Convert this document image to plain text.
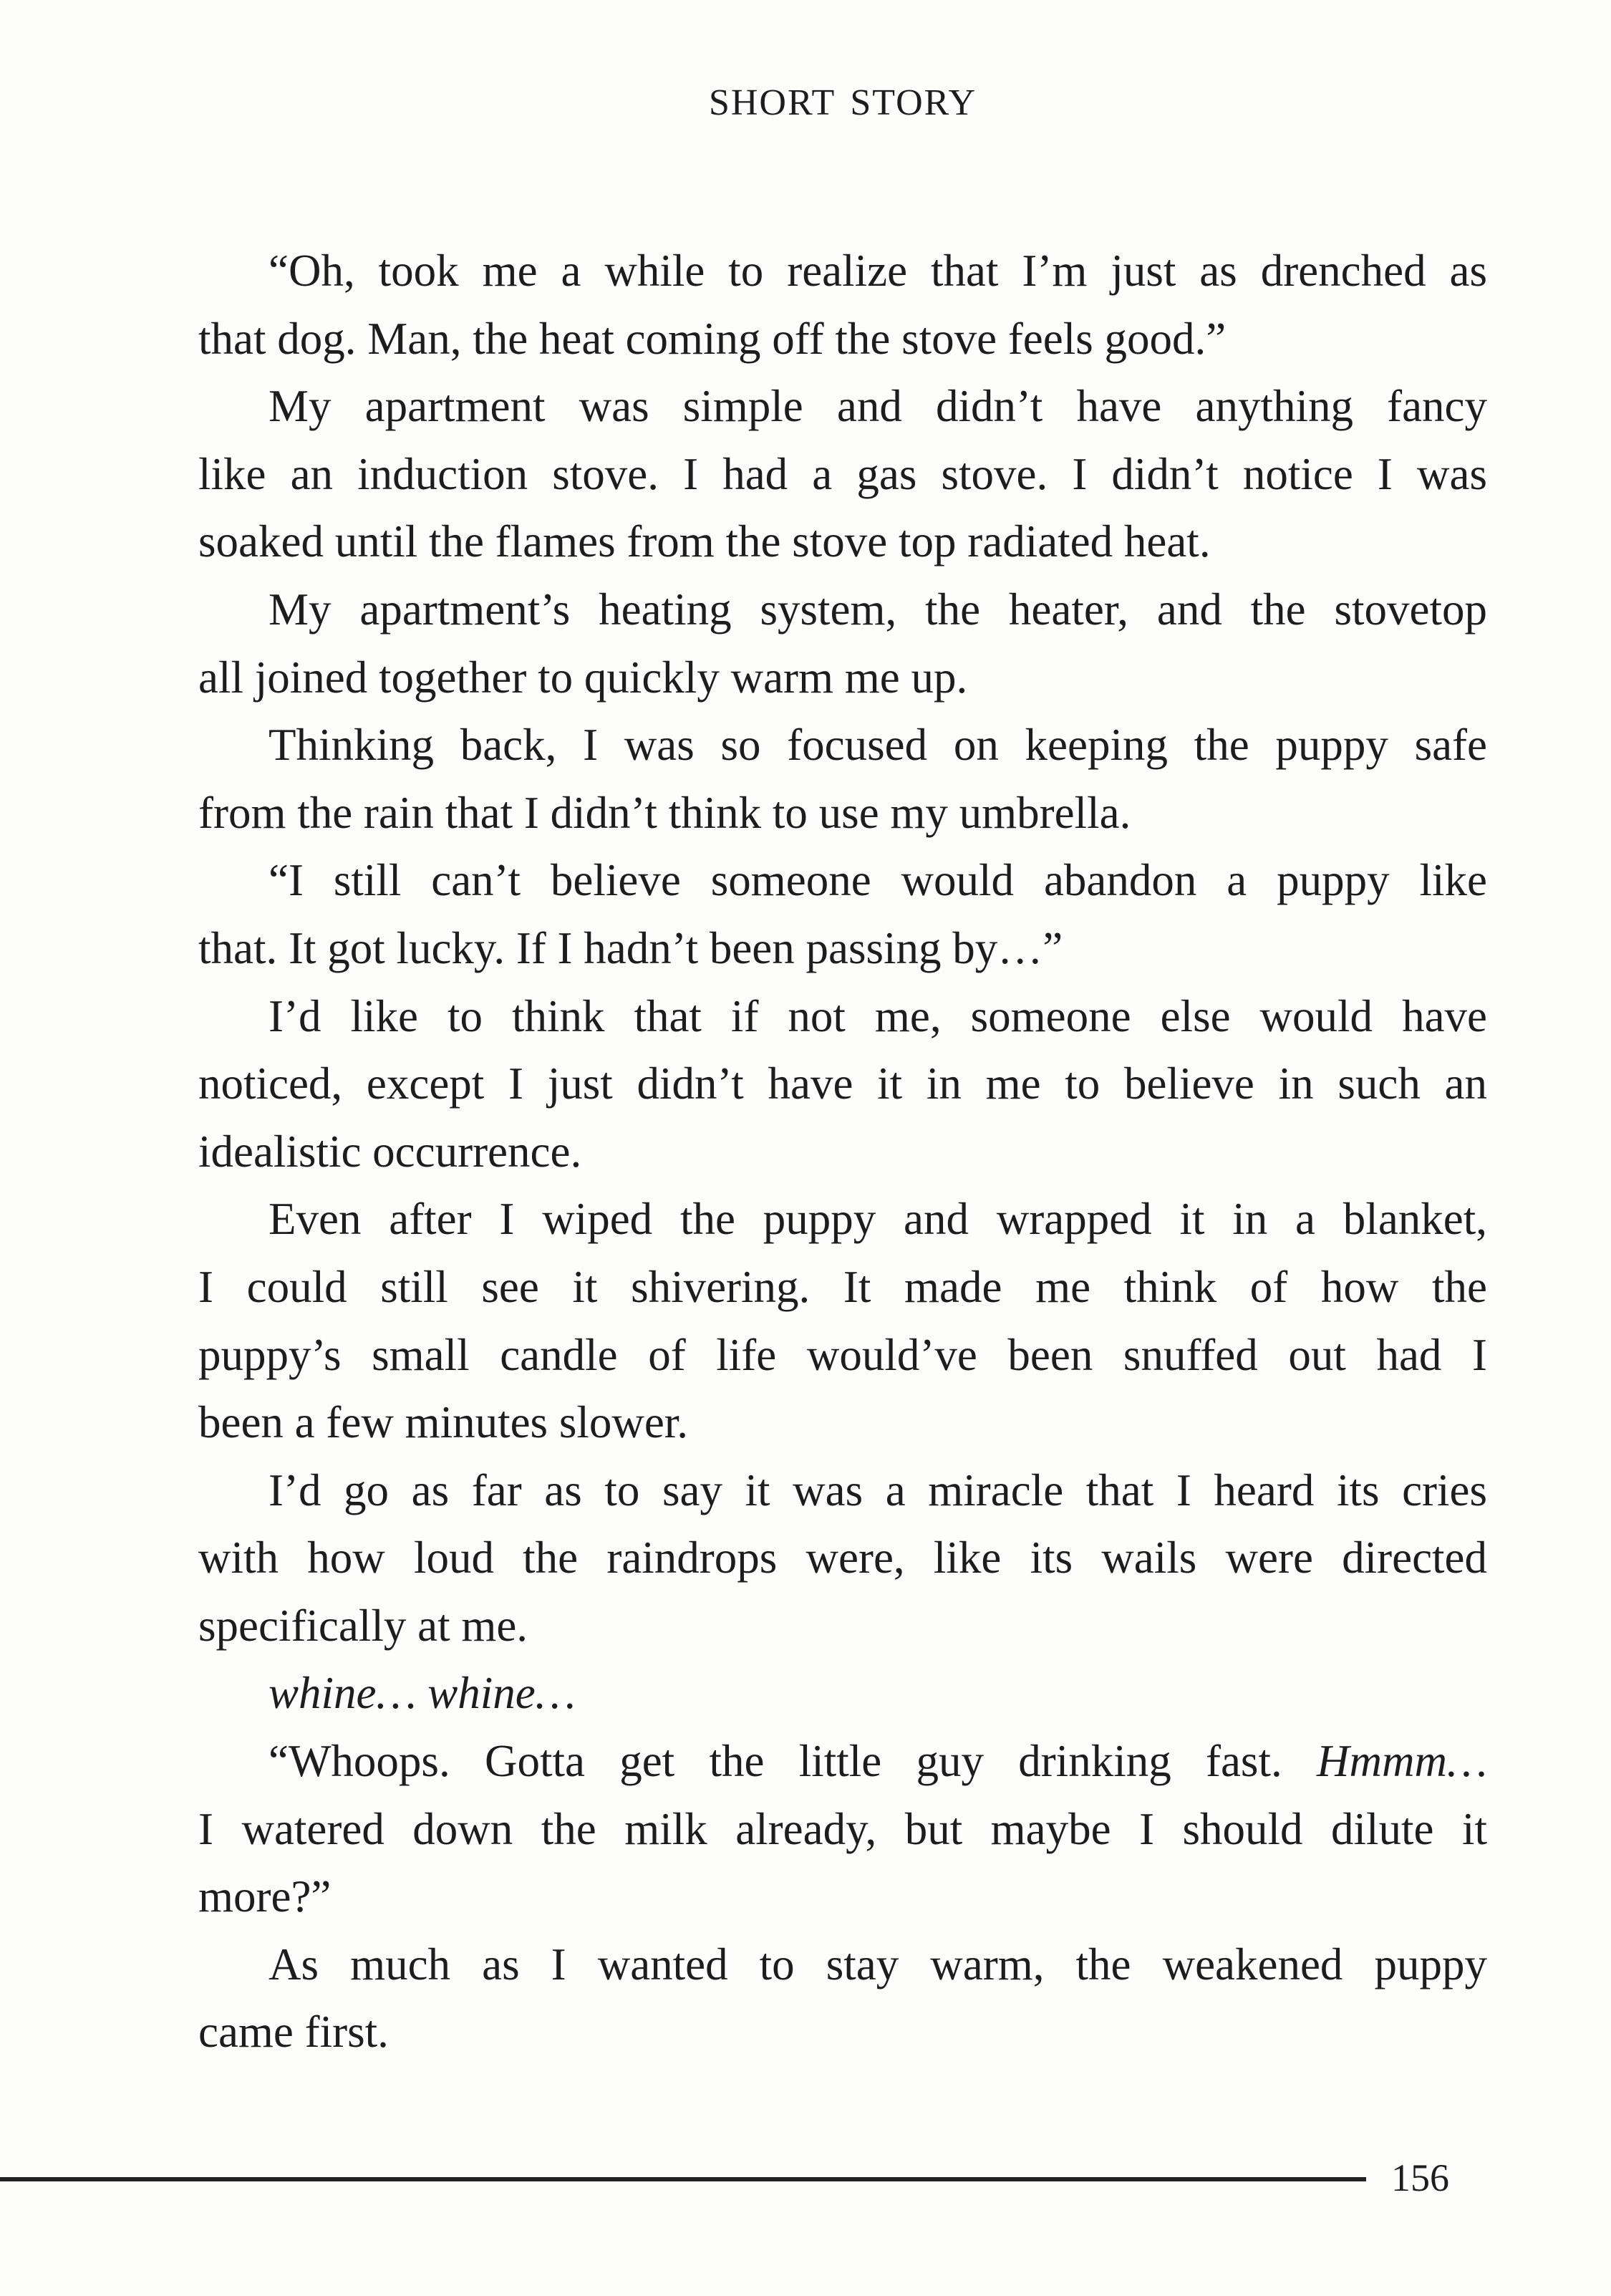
SHORT STORY
“Oh, took me a while to realize that I’m just as drenched as
that dog. Man, the heat coming off the stove feels good.”
My apartment was simple and didn’t have anything fancy
like an induction stove. I had a gas stove. I didn’t notice I was
soaked until the flames from the stove top radiated heat.
My apartment’s heating system, the heater, and the stovetop
all joined together to quickly warm me up.
Thinking back, I was so focused on keeping the puppy safe
from the rain that I didn’t think to use my umbrella.
“I still can’t believe someone would abandon a puppy like
that. It got lucky. If I hadn’t been passing by…”
I’d like to think that if not me, someone else would have
noticed, except I just didn’t have it in me to believe in such an
idealistic occurrence.
Even after I wiped the puppy and wrapped it in a blanket,
I could still see it shivering. It made me think of how the
puppy’s small candle of life would’ve been snuffed out had I
been a few minutes slower.
I’d go as far as to say it was a miracle that I heard its cries
with how loud the raindrops were, like its wails were directed
specifically at me.
whine… whine…
“Whoops. Gotta get the little guy drinking fast. Hmmm…
I watered down the milk already, but maybe I should dilute it
more?”
As much as I wanted to stay warm, the weakened puppy
came first.
156
